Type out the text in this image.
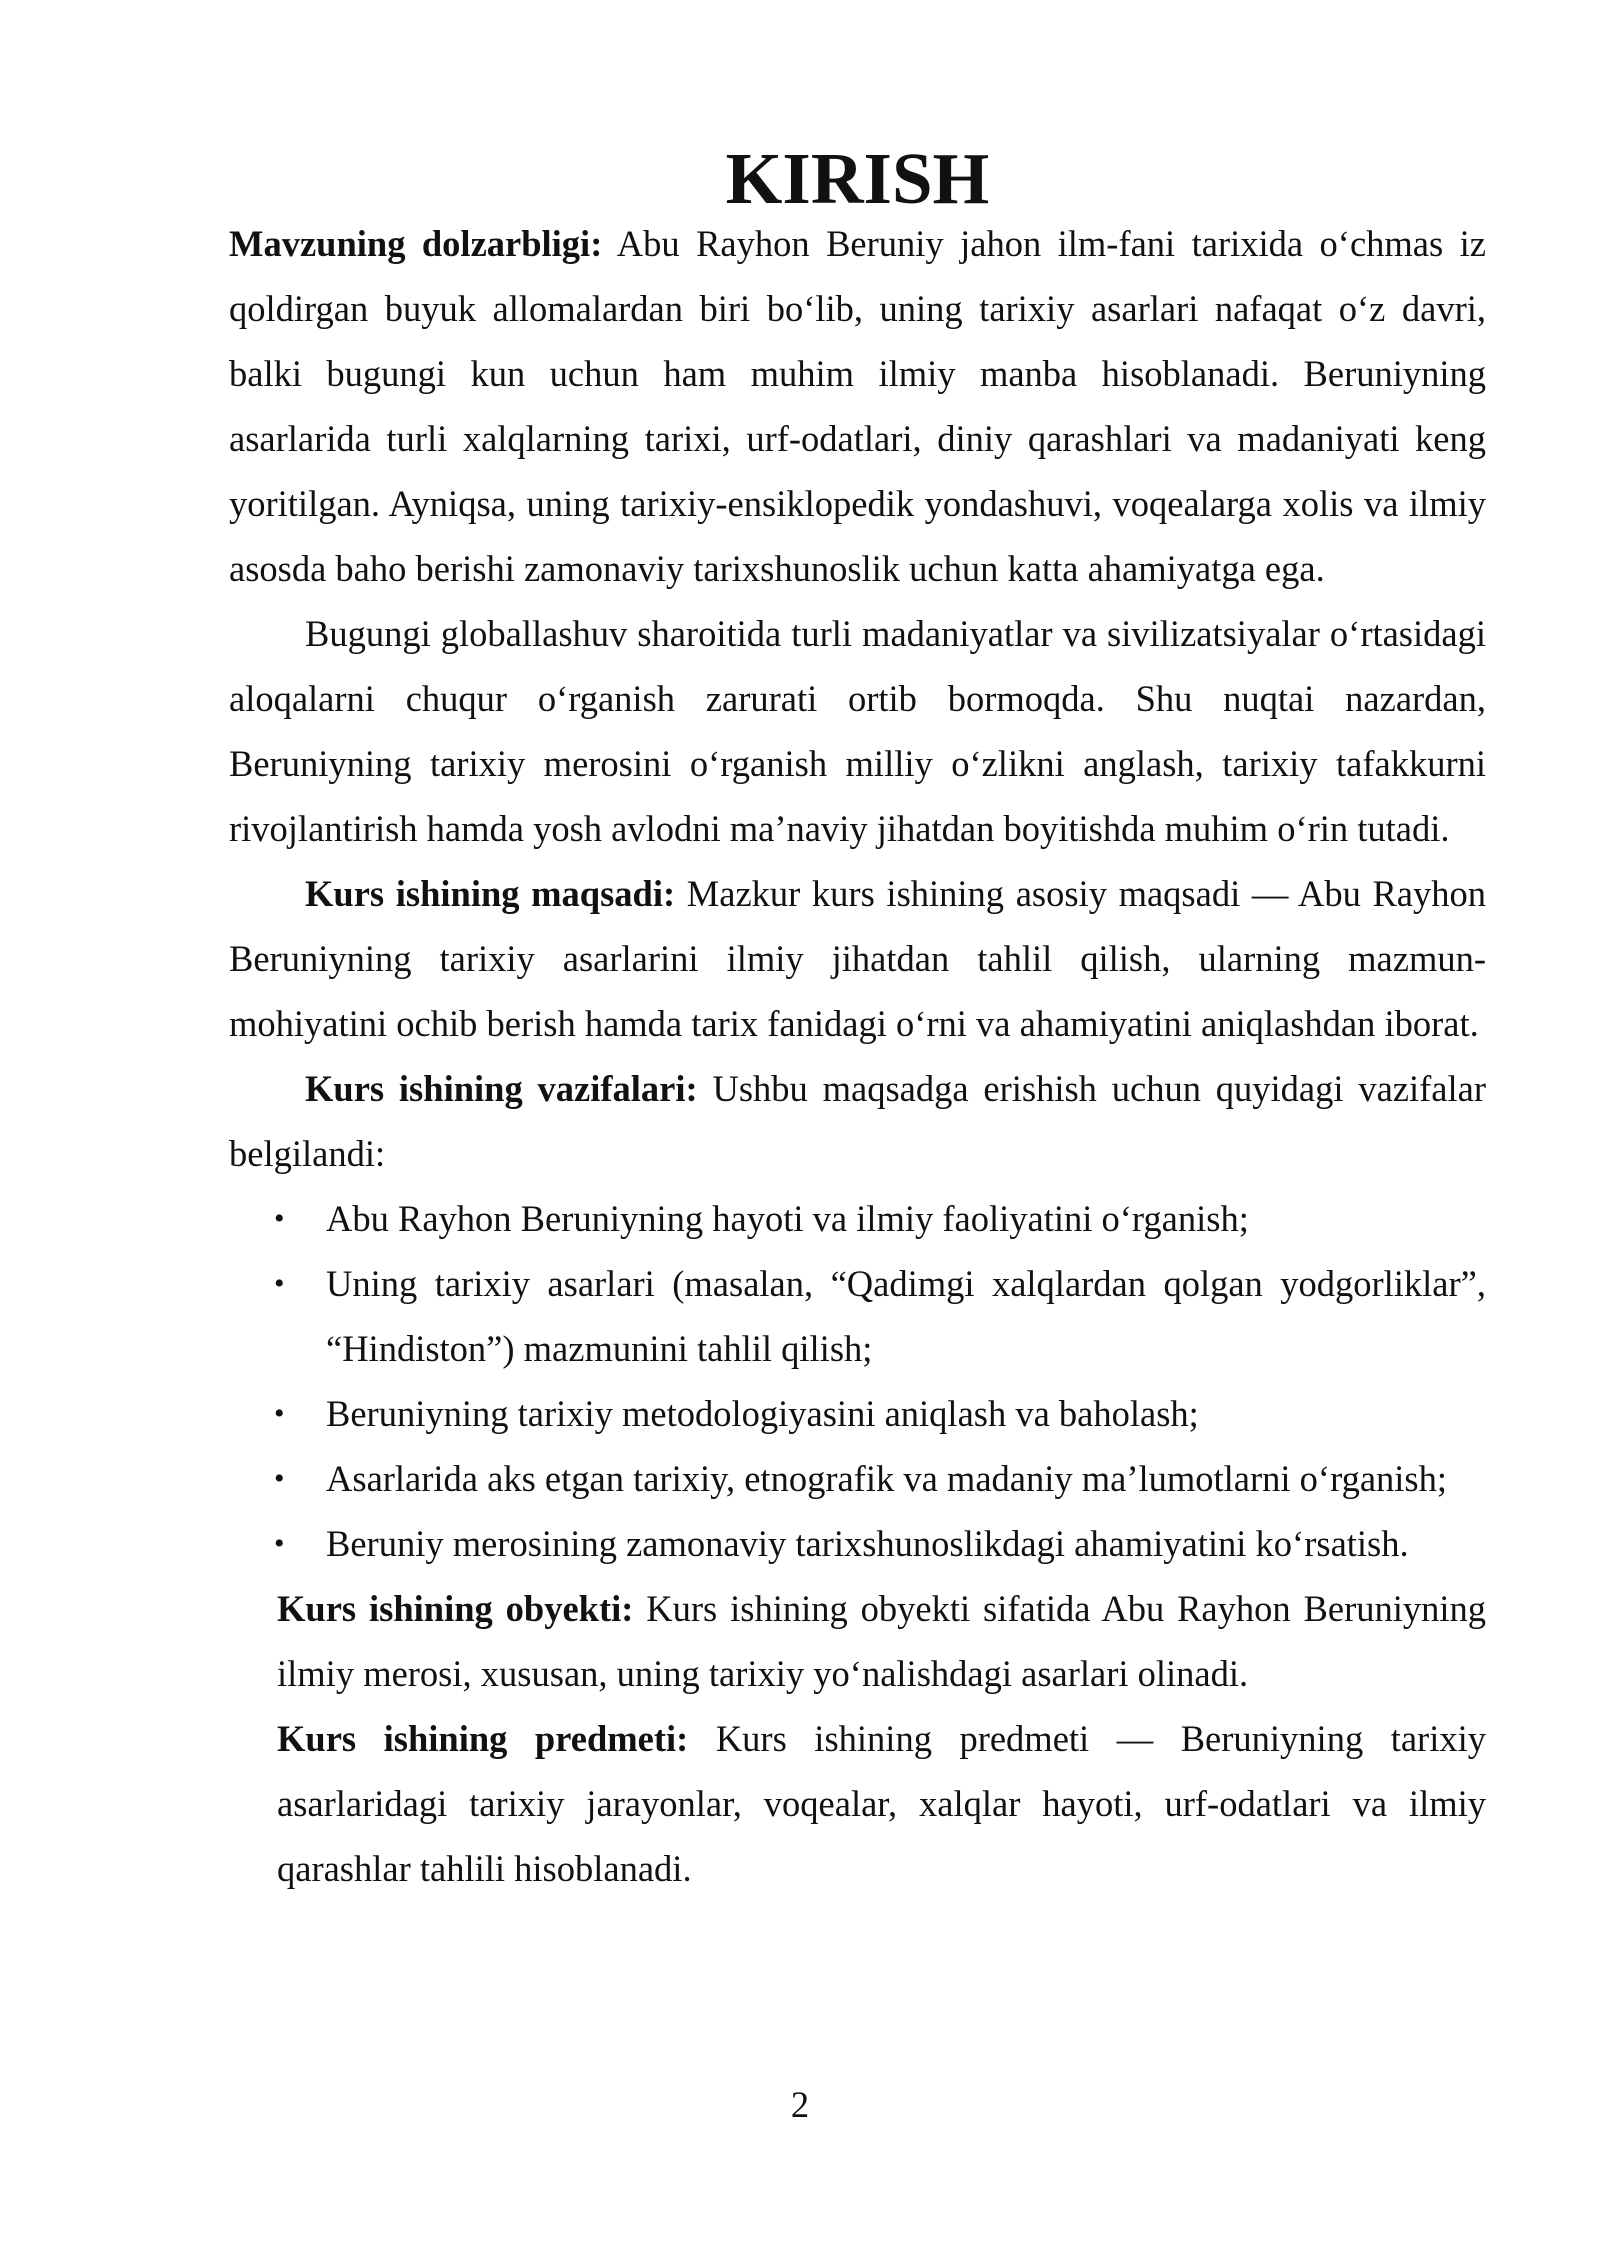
KIRISH

Mavzuning dolzarbligi: Abu Rayhon Beruniy jahon ilm-fani tarixida o‘chmas iz qoldirgan buyuk allomalardan biri bo‘lib, uning tarixiy asarlari nafaqat o‘z davri, balki bugungi kun uchun ham muhim ilmiy manba hisoblanadi. Beruniyning asarlarida turli xalqlarning tarixi, urf-odatlari, diniy qarashlari va madaniyati keng yoritilgan. Ayniqsa, uning tarixiy-ensiklopedik yondashuvi, voqealarga xolis va ilmiy asosda baho berishi zamonaviy tarixshunoslik uchun katta ahamiyatga ega.

Bugungi globallashuv sharoitida turli madaniyatlar va sivilizatsiyalar o‘rtasidagi aloqalarni chuqur o‘rganish zarurati ortib bormoqda. Shu nuqtai nazardan, Beruniyning tarixiy merosini o‘rganish milliy o‘zlikni anglash, tarixiy tafakkurni rivojlantirish hamda yosh avlodni ma’naviy jihatdan boyitishda muhim o‘rin tutadi.

Kurs ishining maqsadi: Mazkur kurs ishining asosiy maqsadi — Abu Rayhon Beruniyning tarixiy asarlarini ilmiy jihatdan tahlil qilish, ularning mazmun-mohiyatini ochib berish hamda tarix fanidagi o‘rni va ahamiyatini aniqlashdan iborat.

Kurs ishining vazifalari: Ushbu maqsadga erishish uchun quyidagi vazifalar belgilandi:

• Abu Rayhon Beruniyning hayoti va ilmiy faoliyatini o‘rganish;
• Uning tarixiy asarlari (masalan, “Qadimgi xalqlardan qolgan yodgorliklar”, “Hindiston”) mazmunini tahlil qilish;
• Beruniyning tarixiy metodologiyasini aniqlash va baholash;
• Asarlarida aks etgan tarixiy, etnografik va madaniy ma’lumotlarni o‘rganish;
• Beruniy merosining zamonaviy tarixshunoslikdagi ahamiyatini ko‘rsatish.

Kurs ishining obyekti: Kurs ishining obyekti sifatida Abu Rayhon Beruniyning ilmiy merosi, xususan, uning tarixiy yo‘nalishdagi asarlari olinadi.

Kurs ishining predmeti: Kurs ishining predmeti — Beruniyning tarixiy asarlaridagi tarixiy jarayonlar, voqealar, xalqlar hayoti, urf-odatlari va ilmiy qarashlar tahlili hisoblanadi.

2
